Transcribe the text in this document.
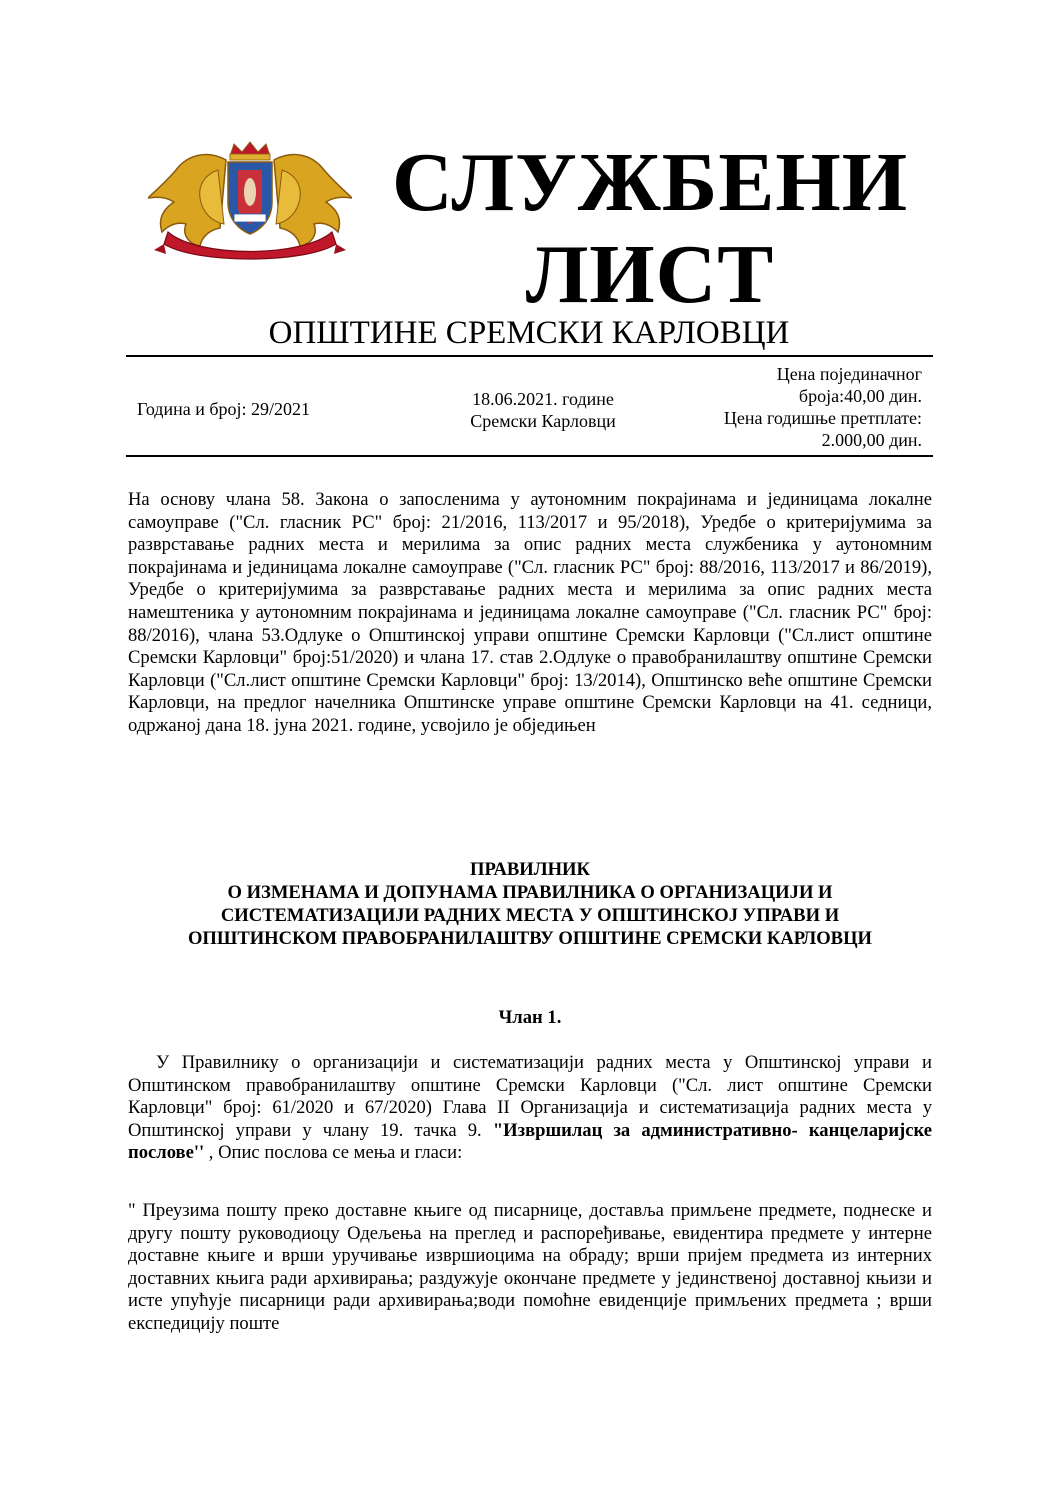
СЛУЖБЕНИ
ЛИСТ
ОПШТИНЕ СРЕМСКИ КАРЛОВЦИ
Година и број: 29/2021	18.06.2021. године
Сремски Карловци
Цена појединачног
броја:40,00 дин.
Цена годишње претплате:
2.000,00 дин.
На основу члана 58. Закона о запосленима у аутономним покрајинама и јединицама локалне самоуправе ("Сл. гласник РС" број: 21/2016, 113/2017 и 95/2018), Уредбе о критеријумима за разврставање радних места и мерилима за опис радних места службеника у аутономним покрајинама и јединицама локалне самоуправе ("Сл. гласник РС" број: 88/2016, 113/2017 и 86/2019), Уредбе о критеријумима за разврставање радних места и мерилима за опис радних места намештеника у аутономним покрајинама и јединицама локалне самоуправе ("Сл. гласник РС" број: 88/2016), члана 53.Одлуке о Општинској управи општине Сремски Карловци ("Сл.лист општине Сремски Карловци" број:51/2020) и члана 17. став 2.Одлуке о правобранилаштву општине Сремски Карловци ("Сл.лист општине Сремски Карловци" број: 13/2014), Општинско веће општине Сремски Карловци, на предлог начелника Општинске управе општине Сремски Карловци на 41. седници, одржаној дана 18. јуна 2021. године, усвојило је обједињен
ПРАВИЛНИК
О ИЗМЕНАМА И ДОПУНАМА ПРАВИЛНИКА О ОРГАНИЗАЦИЈИ И
СИСТЕМАТИЗАЦИЈИ РАДНИХ МЕСТА У ОПШТИНСКОЈ УПРАВИ И
ОПШТИНСКОМ ПРАВОБРАНИЛАШТВУ ОПШТИНЕ СРЕМСКИ КАРЛОВЦИ
Члан 1.
У Правилнику о организацији и систематизацији радних места у Општинској управи и Општинском правобранилаштву општине Сремски Карловци ("Сл. лист општине Сремски Карловци" број: 61/2020 и 67/2020) Глава II Организација и систематизација радних места у Општинској управи у члану 19. тачка 9. "Извршилац за административно- канцеларијске послове'' , Опис послова се мења и гласи:
" Преузима пошту преко доставне књиге од писарнице, доставља примљене предмете, поднеске и другу пошту руководиоцу Одељења на преглед и распоређивање, евидентира предмете у интерне доставне књиге и врши уручивање извршиоцима на обраду; врши пријем предмета из интерних доставних књига ради архивирања; раздужује окончане предмете у јединственој доставној књизи и исте упућује писарници ради архивирања;води помоћне евиденције примљених предмета ; врши експедицију поште
